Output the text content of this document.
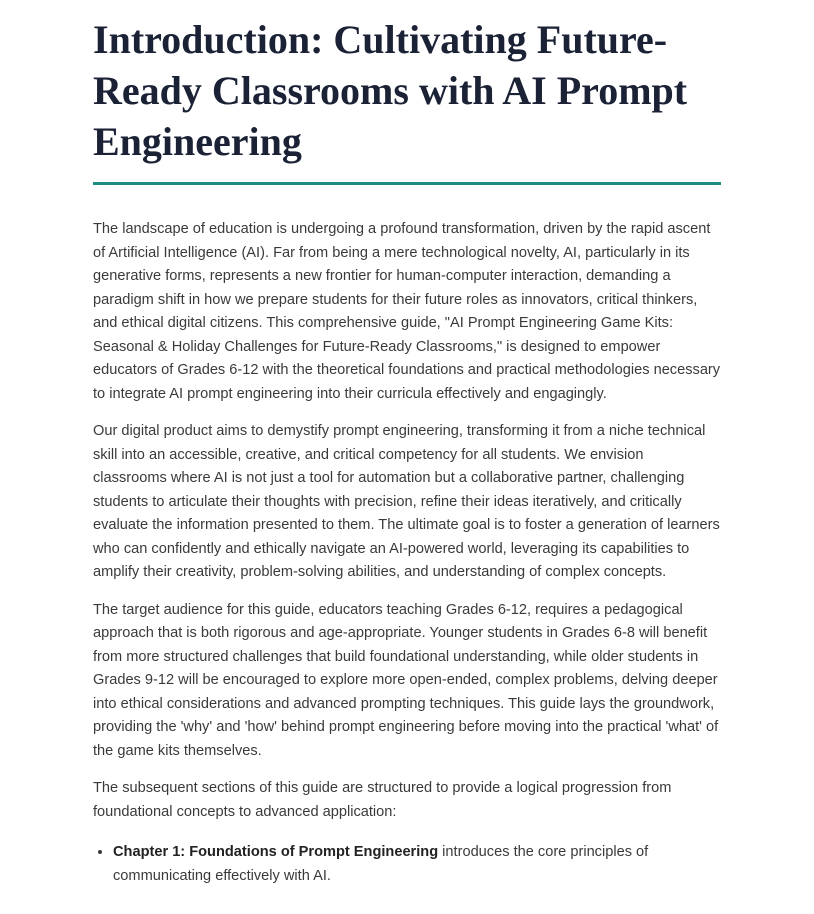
Introduction: Cultivating Future-Ready Classrooms with AI Prompt Engineering

The landscape of education is undergoing a profound transformation, driven by the rapid ascent of Artificial Intelligence (AI). Far from being a mere technological novelty, AI, particularly in its generative forms, represents a new frontier for human-computer interaction, demanding a paradigm shift in how we prepare students for their future roles as innovators, critical thinkers, and ethical digital citizens. This comprehensive guide, "AI Prompt Engineering Game Kits: Seasonal & Holiday Challenges for Future-Ready Classrooms," is designed to empower educators of Grades 6-12 with the theoretical foundations and practical methodologies necessary to integrate AI prompt engineering into their curricula effectively and engagingly.

Our digital product aims to demystify prompt engineering, transforming it from a niche technical skill into an accessible, creative, and critical competency for all students. We envision classrooms where AI is not just a tool for automation but a collaborative partner, challenging students to articulate their thoughts with precision, refine their ideas iteratively, and critically evaluate the information presented to them. The ultimate goal is to foster a generation of learners who can confidently and ethically navigate an AI-powered world, leveraging its capabilities to amplify their creativity, problem-solving abilities, and understanding of complex concepts.

The target audience for this guide, educators teaching Grades 6-12, requires a pedagogical approach that is both rigorous and age-appropriate. Younger students in Grades 6-8 will benefit from more structured challenges that build foundational understanding, while older students in Grades 9-12 will be encouraged to explore more open-ended, complex problems, delving deeper into ethical considerations and advanced prompting techniques. This guide lays the groundwork, providing the 'why' and 'how' behind prompt engineering before moving into the practical 'what' of the game kits themselves.

The subsequent sections of this guide are structured to provide a logical progression from foundational concepts to advanced application:

• Chapter 1: Foundations of Prompt Engineering introduces the core principles of communicating effectively with AI.
